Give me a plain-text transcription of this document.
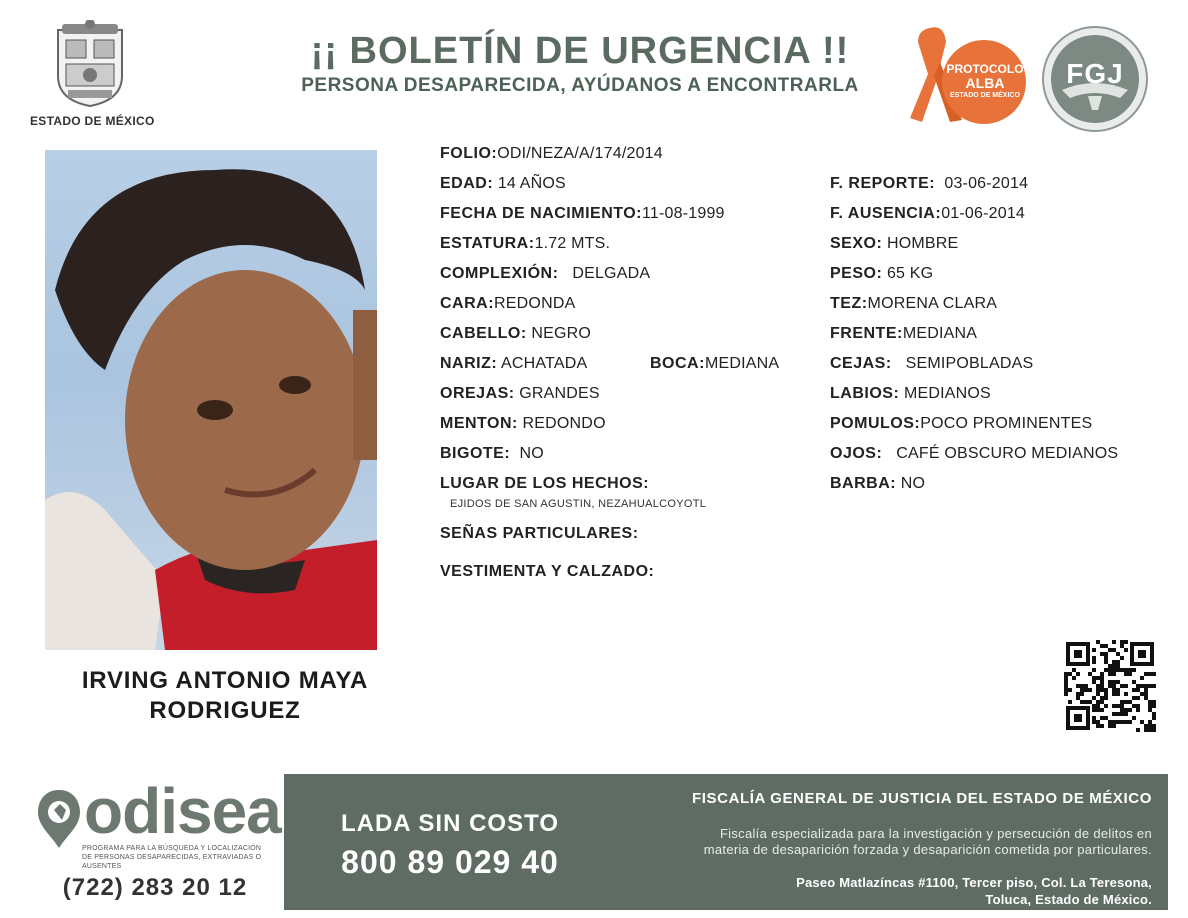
ESTADO DE MÉXICO
¡¡ BOLETÍN DE URGENCIA !!
PERSONA DESAPARECIDA, AYÚDANOS A ENCONTRARLA
PROTOCOLO
ALBA
ESTADO DE MÉXICO
FGJ
IRVING ANTONIO MAYA
RODRIGUEZ
FOLIO:ODI/NEZA/A/174/2014
EDAD: 14 AÑOS
FECHA DE NACIMIENTO:11-08-1999
ESTATURA:1.72 MTS.
COMPLEXIÓN: DELGADA
CARA:REDONDA
CABELLO: NEGRO
NARIZ: ACHATADA	BOCA:MEDIANA
OREJAS: GRANDES
MENTON: REDONDO
BIGOTE: NO
LUGAR DE LOS HECHOS:
EJIDOS DE SAN AGUSTIN, NEZAHUALCOYOTL
SEÑAS PARTICULARES:
VESTIMENTA Y CALZADO:
F. REPORTE: 03-06-2014
F. AUSENCIA:01-06-2014
SEXO: HOMBRE
PESO: 65 KG
TEZ:MORENA CLARA
FRENTE:MEDIANA
CEJAS: SEMIPOBLADAS
LABIOS: MEDIANOS
POMULOS:POCO PROMINENTES
OJOS: CAFÉ OBSCURO MEDIANOS
BARBA: NO
odisea
PROGRAMA PARA LA BÚSQUEDA Y LOCALIZACIÓN DE PERSONAS DESAPARECIDAS, EXTRAVIADAS O AUSENTES
(722) 283 20 12
LADA SIN COSTO
800 89 029 40
FISCALÍA GENERAL DE JUSTICIA DEL ESTADO DE MÉXICO
Fiscalía especializada para la investigación y persecución de delitos en
materia de desaparición forzada y desaparición cometida por particulares.
Paseo Matlazíncas #1100, Tercer piso, Col. La Teresona,
Toluca, Estado de México.
